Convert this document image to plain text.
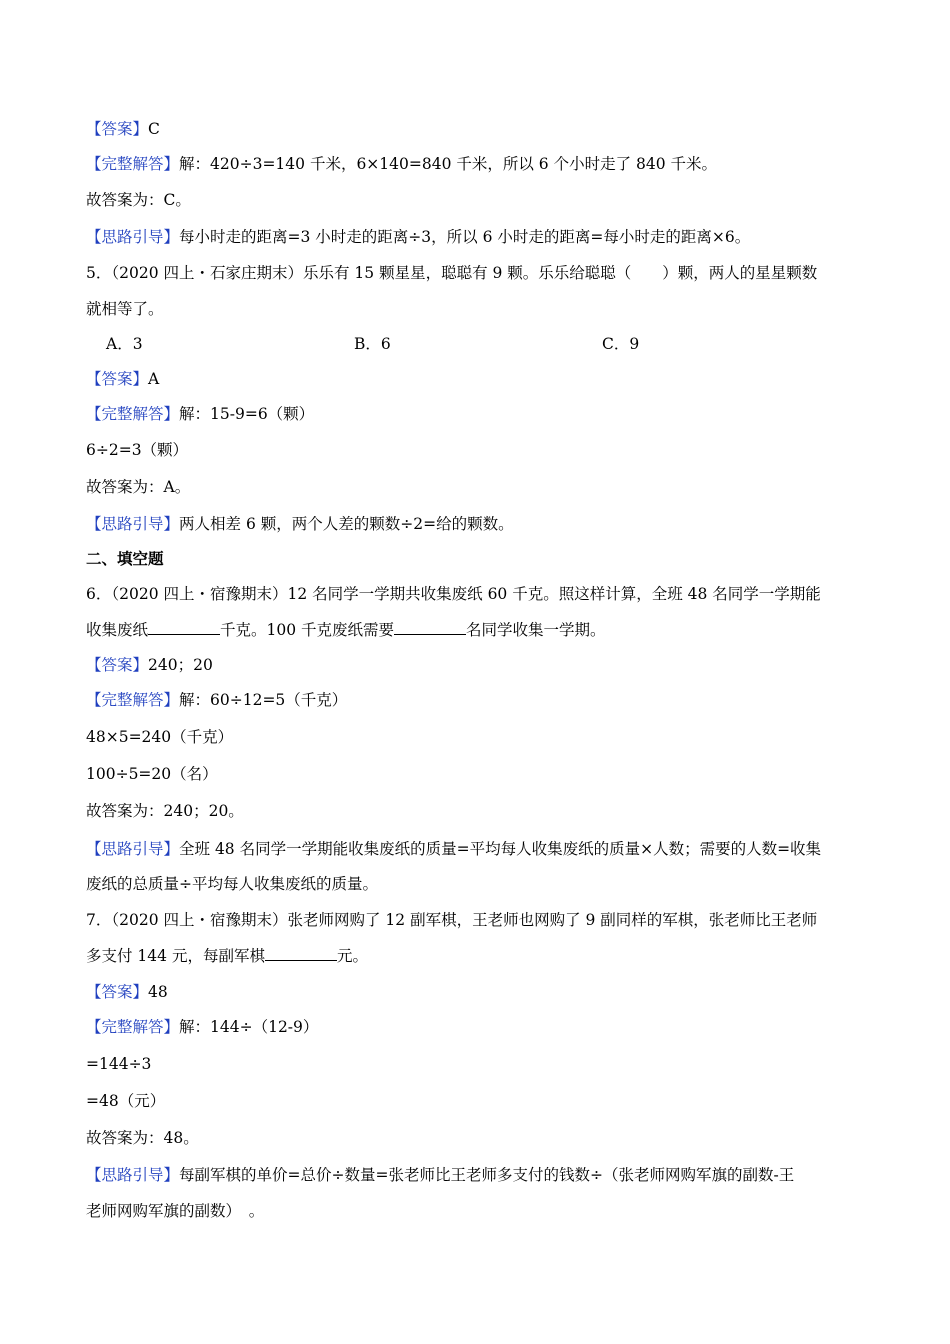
【答案】C
【完整解答】解：420÷3=140 千米，6×140=840 千米，所以 6 个小时走了 840 千米。
故答案为：C。
【思路引导】每小时走的距离=3 小时走的距离÷3，所以 6 小时走的距离=每小时走的距离×6。
5．（2020 四上・石家庄期末）乐乐有 15 颗星星，聪聪有 9 颗。乐乐给聪聪（　　）颗，两人的星星颗数
就相等了。
A．3	B．6	C．9
【答案】A
【完整解答】解：15-9=6（颗）
6÷2=3（颗）
故答案为：A。
【思路引导】两人相差 6 颗，两个人差的颗数÷2=给的颗数。
二、填空题
6．（2020 四上・宿豫期末）12 名同学一学期共收集废纸 60 千克。照这样计算，全班 48 名同学一学期能
收集废纸	千克。100 千克废纸需要	名同学收集一学期。
【答案】240；20
【完整解答】解：60÷12=5（千克）
48×5=240（千克）
100÷5=20（名）
故答案为：240；20。
【思路引导】全班 48 名同学一学期能收集废纸的质量=平均每人收集废纸的质量×人数；需要的人数=收集
废纸的总质量÷平均每人收集废纸的质量。
7．（2020 四上・宿豫期末）张老师网购了 12 副军棋，王老师也网购了 9 副同样的军棋，张老师比王老师
多支付 144 元，每副军棋	元。
【答案】48
【完整解答】解：144÷（12-9）
=144÷3
=48（元）
故答案为：48。
【思路引导】每副军棋的单价=总价÷数量=张老师比王老师多支付的钱数÷（张老师网购军旗的副数-王
老师网购军旗的副数）　。
